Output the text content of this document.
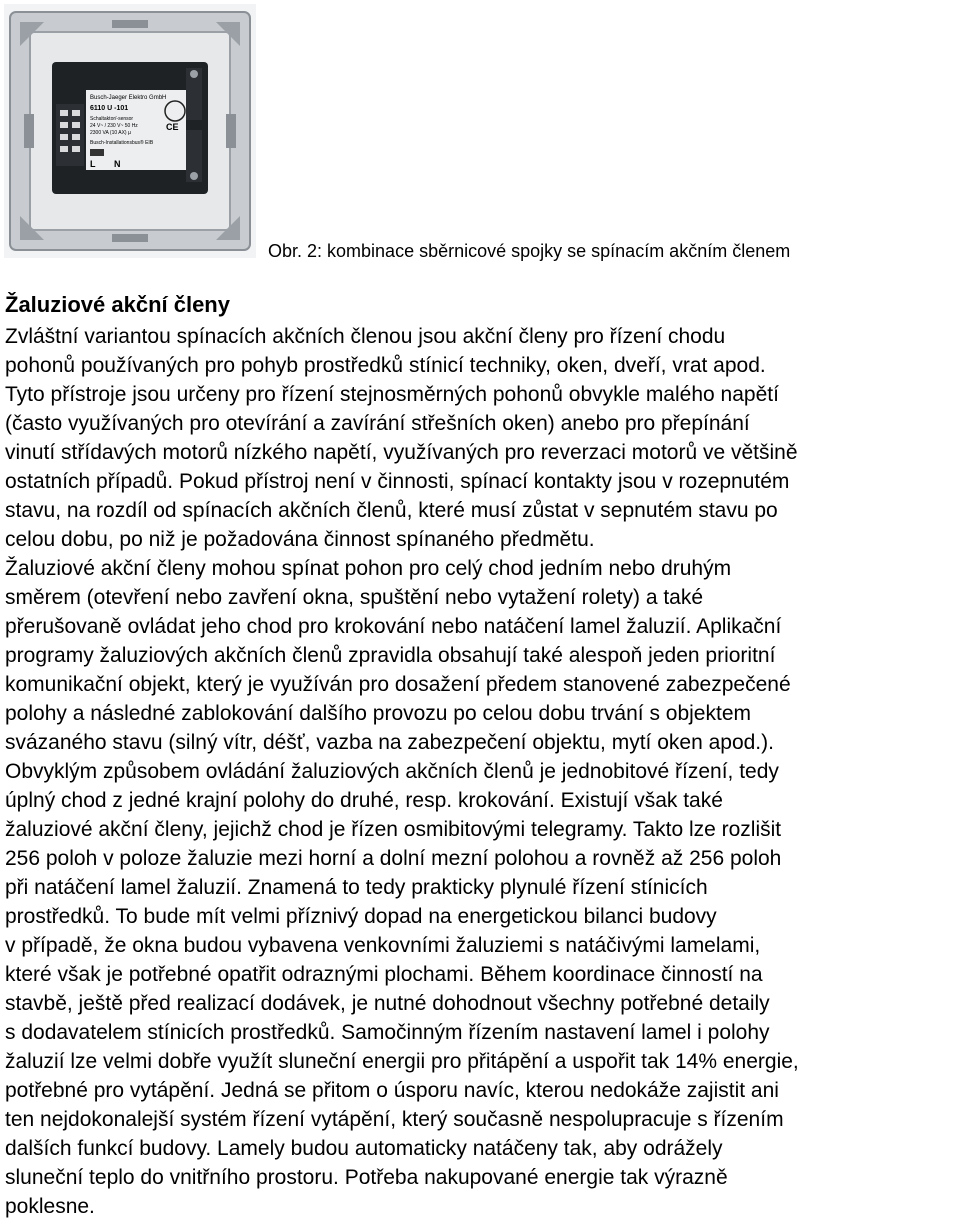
Busch-Jaeger Elektro GmbH
6110 U -101
Schaltaktor/-sensor
24 V~ / 230 V~ 50 Hz
2300 VA (10 AX) µ
Busch-Installationsbus® EIB
CE
L N
Obr. 2: kombinace sběrnicové spojky se spínacím akčním členem
Žaluziové akční členy
Zvláštní variantou spínacích akčních členou jsou akční členy pro řízení chodu
pohonů používaných pro pohyb prostředků stínicí techniky, oken, dveří, vrat apod.
Tyto přístroje jsou určeny pro řízení stejnosměrných pohonů obvykle malého napětí
(často využívaných pro otevírání a zavírání střešních oken) anebo pro přepínání
vinutí střídavých motorů nízkého napětí, využívaných pro reverzaci motorů ve většině
ostatních případů. Pokud přístroj není v činnosti, spínací kontakty jsou v rozepnutém
stavu, na rozdíl od spínacích akčních členů, které musí zůstat v sepnutém stavu po
celou dobu, po niž je požadována činnost spínaného předmětu.
Žaluziové akční členy mohou spínat pohon pro celý chod jedním nebo druhým
směrem (otevření nebo zavření okna, spuštění nebo vytažení rolety) a také
přerušovaně ovládat jeho chod pro krokování nebo natáčení lamel žaluzií. Aplikační
programy žaluziových akčních členů zpravidla obsahují také alespoň jeden prioritní
komunikační objekt, který je využíván pro dosažení předem stanovené zabezpečené
polohy a následné zablokování dalšího provozu po celou dobu trvání s objektem
svázaného stavu (silný vítr, déšť, vazba na zabezpečení objektu, mytí oken apod.).
Obvyklým způsobem ovládání žaluziových akčních členů je jednobitové řízení, tedy
úplný chod z jedné krajní polohy do druhé, resp. krokování. Existují však také
žaluziové akční členy, jejichž chod je řízen osmibitovými telegramy. Takto lze rozlišit
256 poloh v poloze žaluzie mezi horní a dolní mezní polohou a rovněž až 256 poloh
při natáčení lamel žaluzií. Znamená to tedy prakticky plynulé řízení stínicích
prostředků. To bude mít velmi příznivý dopad na energetickou bilanci budovy
v případě, že okna budou vybavena venkovními žaluziemi s natáčivými lamelami,
které však je potřebné opatřit odraznými plochami. Během koordinace činností na
stavbě, ještě před realizací dodávek, je nutné dohodnout všechny potřebné detaily
s dodavatelem stínicích prostředků. Samočinným řízením nastavení lamel i polohy
žaluzií lze velmi dobře využít sluneční energii pro přitápění a uspořit tak 14% energie,
potřebné pro vytápění. Jedná se přitom o úsporu navíc, kterou nedokáže zajistit ani
ten nejdokonalejší systém řízení vytápění, který současně nespolupracuje s řízením
dalších funkcí budovy. Lamely budou automaticky natáčeny tak, aby odrážely
sluneční teplo do vnitřního prostoru. Potřeba nakupované energie tak výrazně
poklesne.
